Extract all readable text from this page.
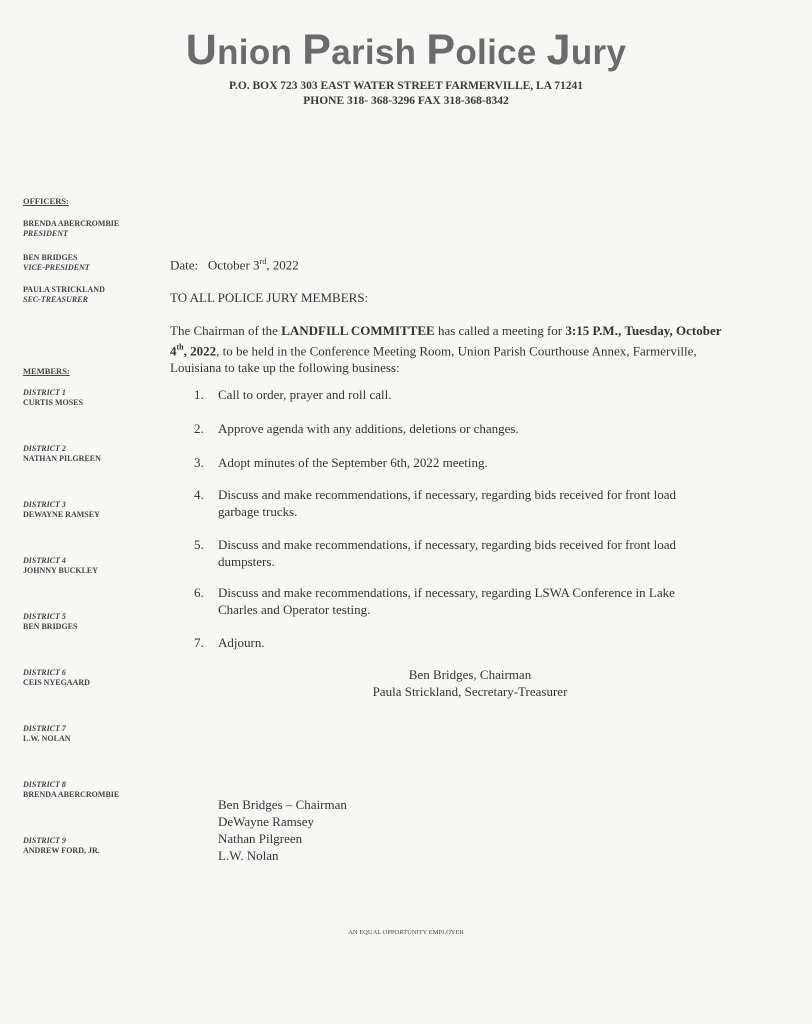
Union Parish Police Jury
P.O. BOX 723 303 EAST WATER STREET FARMERVILLE, LA 71241
PHONE 318- 368-3296 FAX 318-368-8342
OFFICERS:
BRENDA ABERCROMBIE
PRESIDENT
BEN BRIDGES
VICE-PRESIDENT
PAULA STRICKLAND
SEC-TREASURER
MEMBERS:
DISTRICT 1
CURTIS MOSES
DISTRICT 2
NATHAN PILGREEN
DISTRICT 3
DEWAYNE RAMSEY
DISTRICT 4
JOHNNY BUCKLEY
DISTRICT 5
BEN BRIDGES
DISTRICT 6
CEIS NYEGAARD
DISTRICT 7
L.W. NOLAN
DISTRICT 8
BRENDA ABERCROMBIE
DISTRICT 9
ANDREW FORD, JR.
Date: October 3rd, 2022
TO ALL POLICE JURY MEMBERS:
The Chairman of the LANDFILL COMMITTEE has called a meeting for 3:15 P.M., Tuesday, October 4th, 2022, to be held in the Conference Meeting Room, Union Parish Courthouse Annex, Farmerville, Louisiana to take up the following business:
1.	Call to order, prayer and roll call.
2.	Approve agenda with any additions, deletions or changes.
3.	Adopt minutes of the September 6th, 2022 meeting.
4.	Discuss and make recommendations, if necessary, regarding bids received for front load garbage trucks.
5.	Discuss and make recommendations, if necessary, regarding bids received for front load dumpsters.
6.	Discuss and make recommendations, if necessary, regarding LSWA Conference in Lake Charles and Operator testing.
7.	Adjourn.
Ben Bridges, Chairman
Paula Strickland, Secretary-Treasurer
Ben Bridges – Chairman
DeWayne Ramsey
Nathan Pilgreen
L.W. Nolan
AN EQUAL OPPORTUNITY EMPLOYER
